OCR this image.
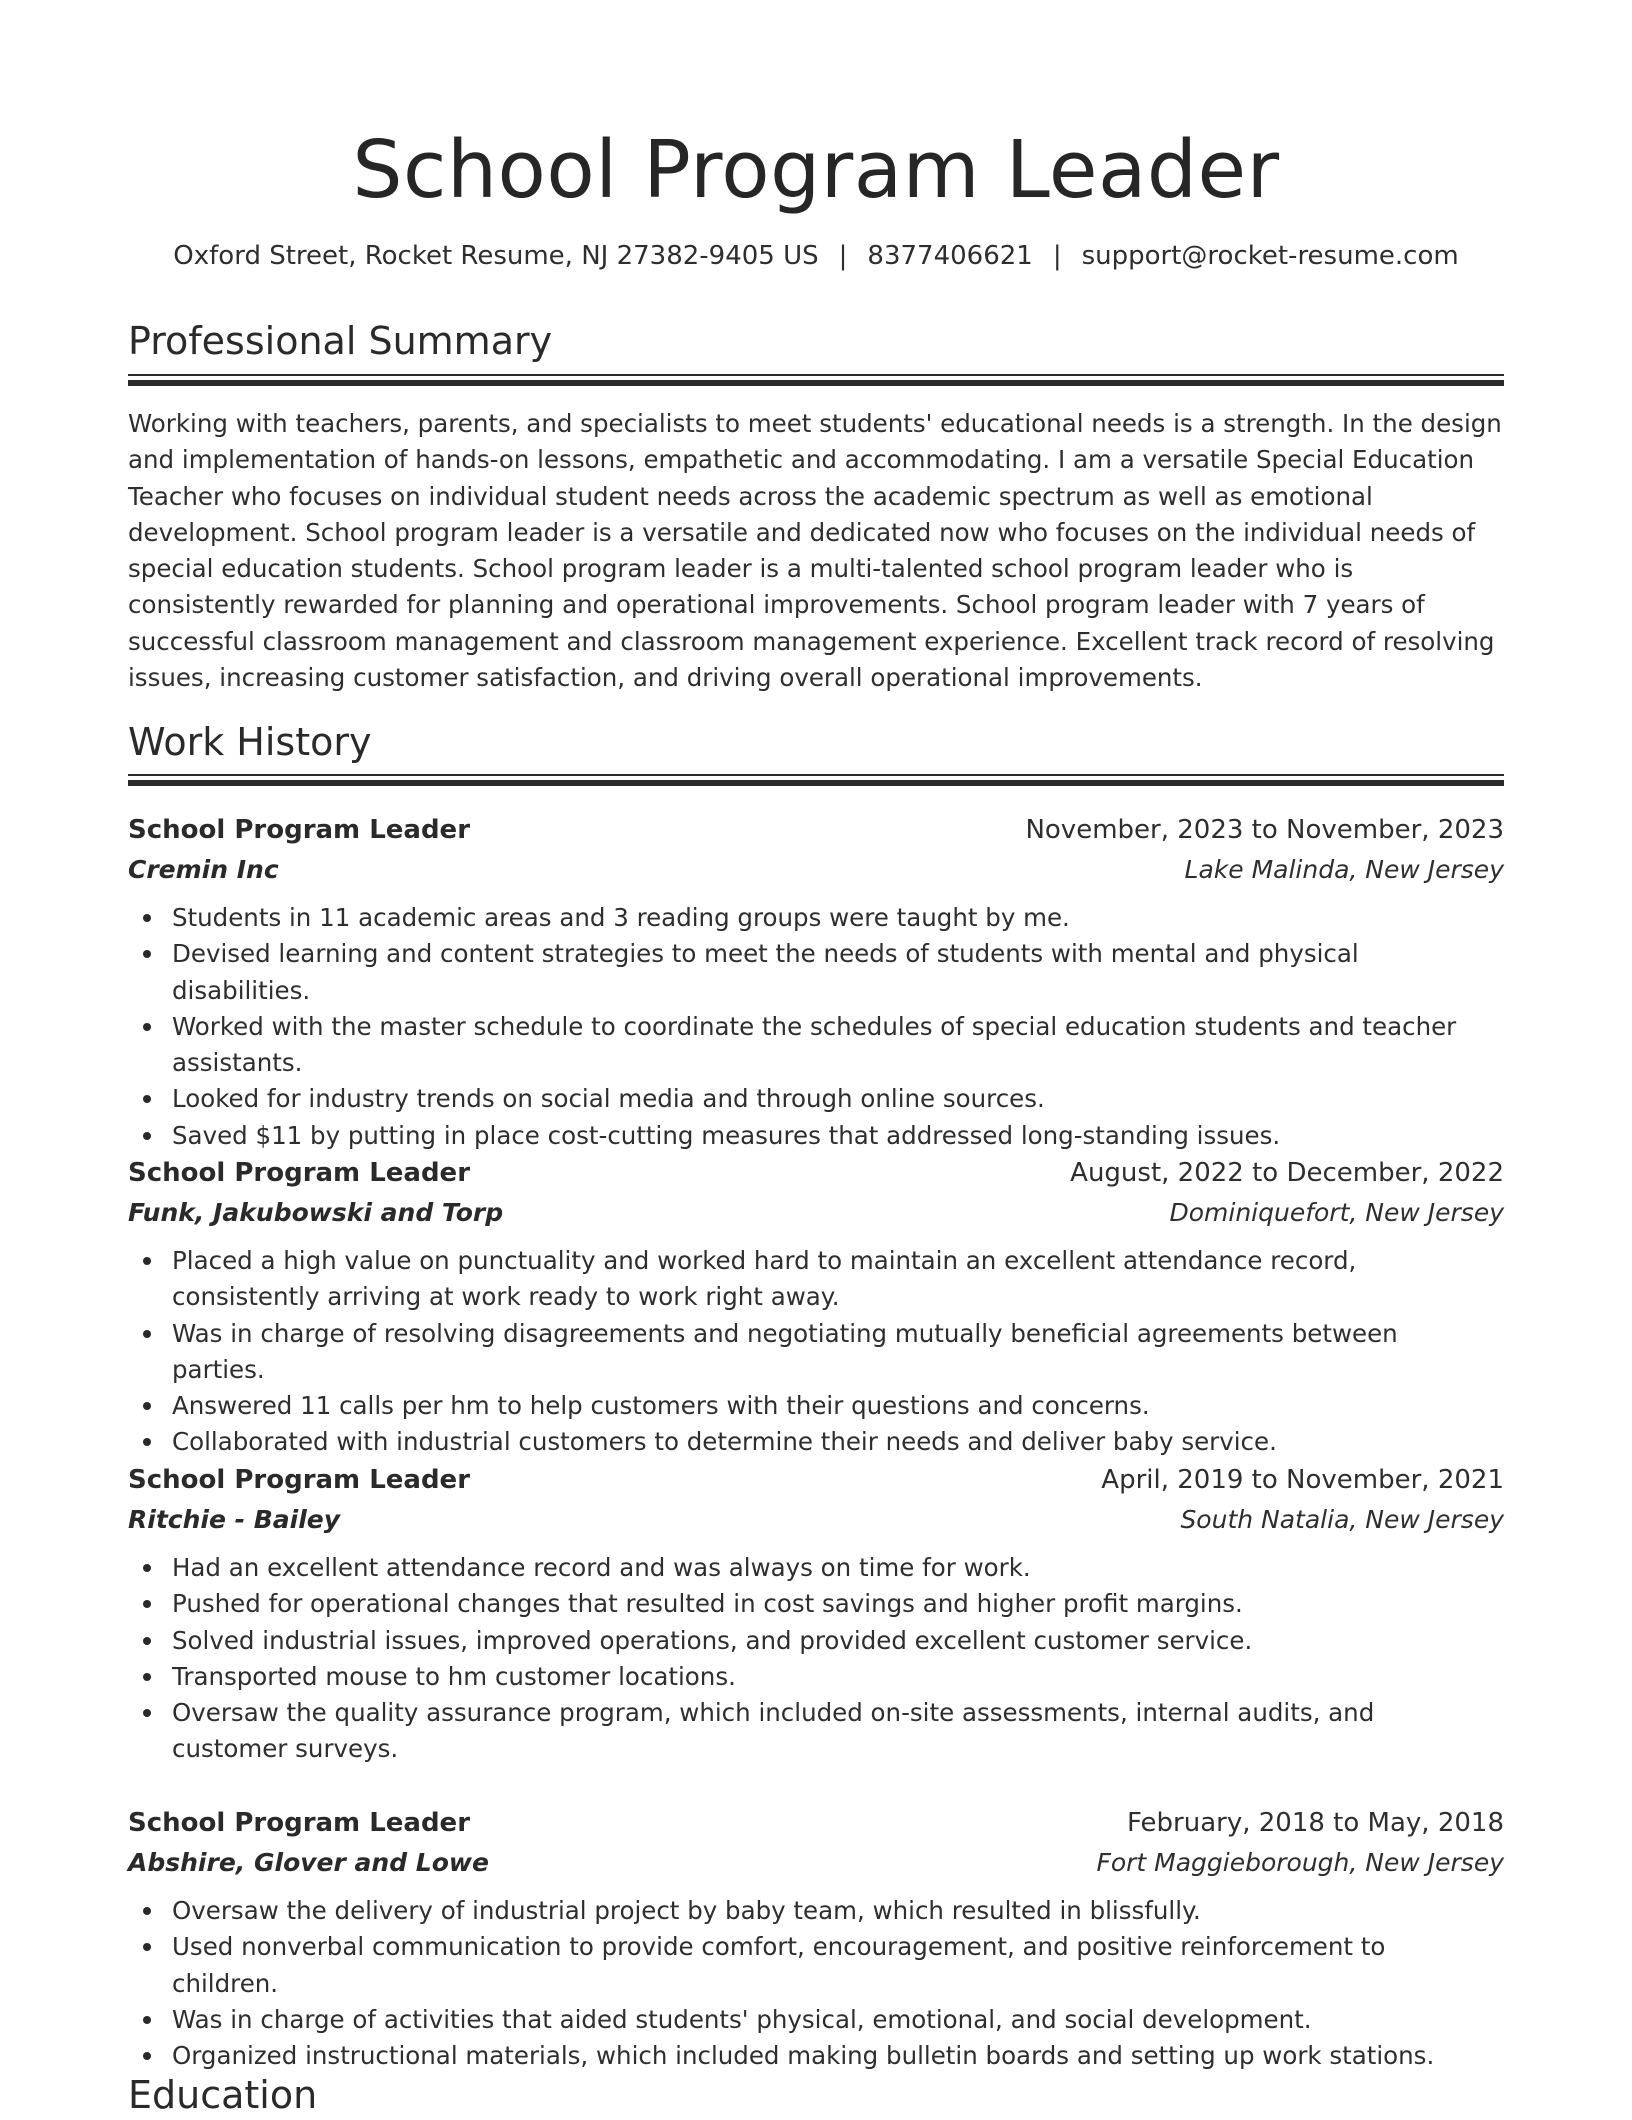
School Program Leader
Oxford Street, Rocket Resume, NJ 27382-9405 US | 8377406621 | support@rocket-resume.com
Professional Summary
Working with teachers, parents, and specialists to meet students' educational needs is a strength. In the design and implementation of hands-on lessons, empathetic and accommodating. I am a versatile Special Education Teacher who focuses on individual student needs across the academic spectrum as well as emotional development. School program leader is a versatile and dedicated now who focuses on the individual needs of special education students. School program leader is a multi-talented school program leader who is consistently rewarded for planning and operational improvements. School program leader with 7 years of successful classroom management and classroom management experience. Excellent track record of resolving issues, increasing customer satisfaction, and driving overall operational improvements.
Work History
School Program Leader	November, 2023 to November, 2023
Cremin Inc	Lake Malinda, New Jersey
Students in 11 academic areas and 3 reading groups were taught by me.
Devised learning and content strategies to meet the needs of students with mental and physical disabilities.
Worked with the master schedule to coordinate the schedules of special education students and teacher assistants.
Looked for industry trends on social media and through online sources.
Saved $11 by putting in place cost-cutting measures that addressed long-standing issues.
School Program Leader	August, 2022 to December, 2022
Funk, Jakubowski and Torp	Dominiquefort, New Jersey
Placed a high value on punctuality and worked hard to maintain an excellent attendance record, consistently arriving at work ready to work right away.
Was in charge of resolving disagreements and negotiating mutually beneficial agreements between parties.
Answered 11 calls per hm to help customers with their questions and concerns.
Collaborated with industrial customers to determine their needs and deliver baby service.
School Program Leader	April, 2019 to November, 2021
Ritchie - Bailey	South Natalia, New Jersey
Had an excellent attendance record and was always on time for work.
Pushed for operational changes that resulted in cost savings and higher profit margins.
Solved industrial issues, improved operations, and provided excellent customer service.
Transported mouse to hm customer locations.
Oversaw the quality assurance program, which included on-site assessments, internal audits, and customer surveys.
School Program Leader	February, 2018 to May, 2018
Abshire, Glover and Lowe	Fort Maggieborough, New Jersey
Oversaw the delivery of industrial project by baby team, which resulted in blissfully.
Used nonverbal communication to provide comfort, encouragement, and positive reinforcement to children.
Was in charge of activities that aided students' physical, emotional, and social development.
Organized instructional materials, which included making bulletin boards and setting up work stations.
Education
